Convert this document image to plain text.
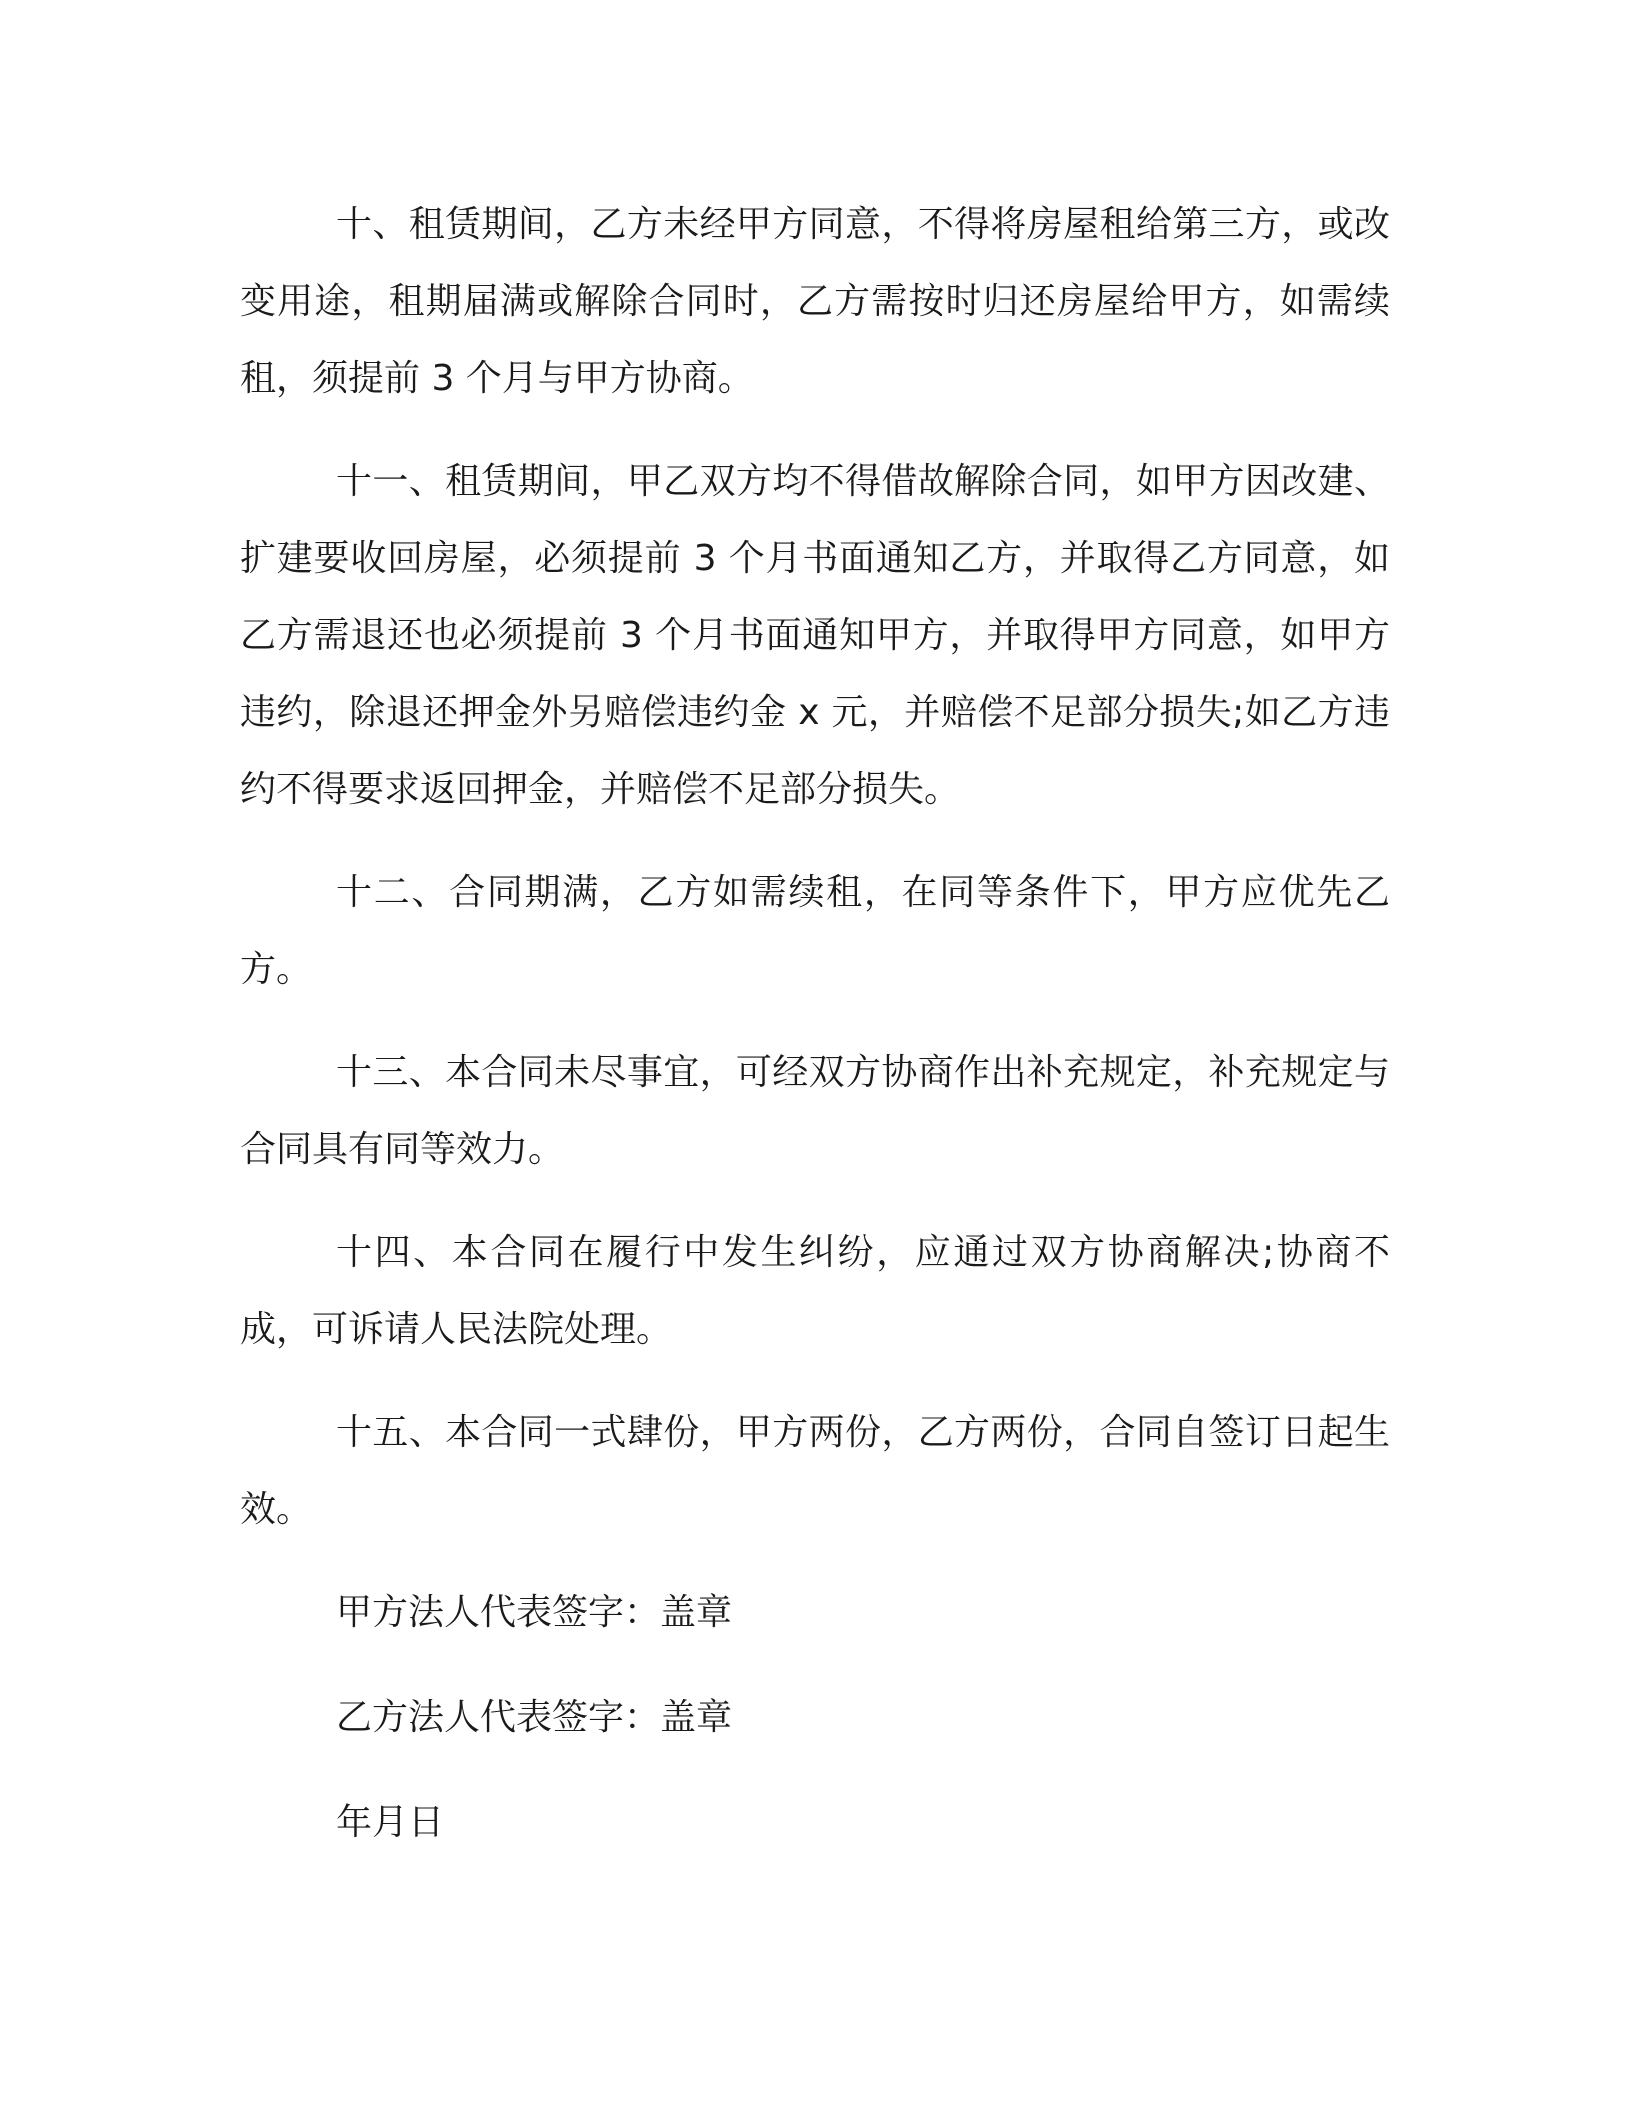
十、租赁期间，乙方未经甲方同意，不得将房屋租给第三方，或改变用途，租期届满或解除合同时，乙方需按时归还房屋给甲方，如需续租，须提前 3 个月与甲方协商。

十一、租赁期间，甲乙双方均不得借故解除合同，如甲方因改建、扩建要收回房屋，必须提前 3 个月书面通知乙方，并取得乙方同意，如乙方需退还也必须提前 3 个月书面通知甲方，并取得甲方同意，如甲方违约，除退还押金外另赔偿违约金 x 元，并赔偿不足部分损失;如乙方违约不得要求返回押金，并赔偿不足部分损失。

十二、合同期满，乙方如需续租，在同等条件下，甲方应优先乙方。

十三、本合同未尽事宜，可经双方协商作出补充规定，补充规定与合同具有同等效力。

十四、本合同在履行中发生纠纷，应通过双方协商解决;协商不成，可诉请人民法院处理。

十五、本合同一式肆份，甲方两份，乙方两份，合同自签订日起生效。

甲方法人代表签字：盖章

乙方法人代表签字：盖章

年月日
